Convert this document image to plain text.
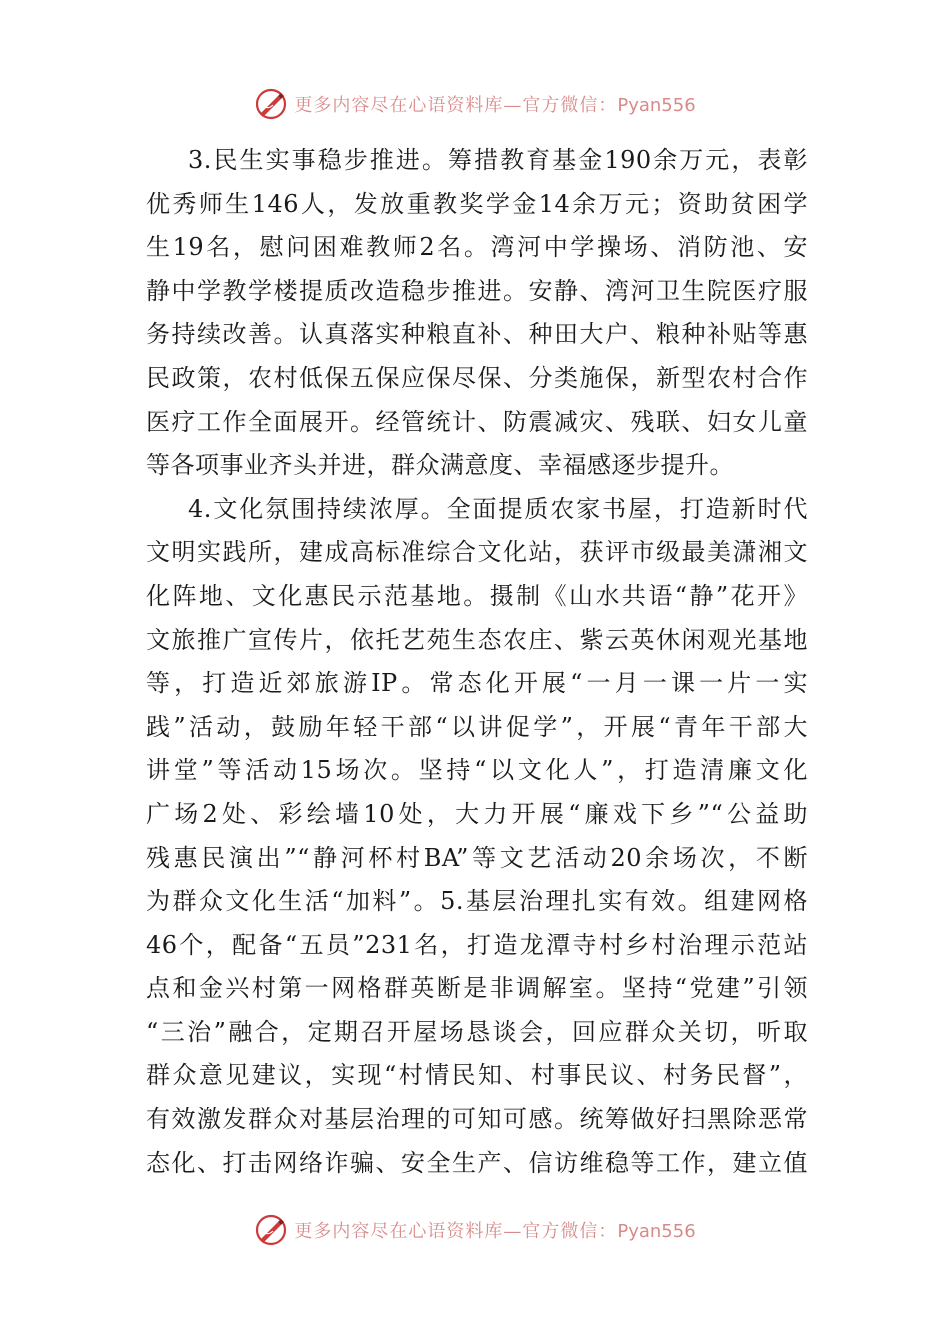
更多内容尽在心语资料库—官方微信：Pyan556
3.民生实事稳步推进。筹措教育基金190余万元，表彰
优秀师生146人，发放重教奖学金14余万元；资助贫困学
生19名，慰问困难教师2名。湾河中学操场、消防池、安
静中学教学楼提质改造稳步推进。安静、湾河卫生院医疗服
务持续改善。认真落实种粮直补、种田大户、粮种补贴等惠
民政策，农村低保五保应保尽保、分类施保，新型农村合作
医疗工作全面展开。经管统计、防震减灾、残联、妇女儿童
等各项事业齐头并进，群众满意度、幸福感逐步提升。
4.文化氛围持续浓厚。全面提质农家书屋，打造新时代
文明实践所，建成高标准综合文化站，获评市级最美潇湘文
化阵地、文化惠民示范基地。摄制《山水共语“静”花开》
文旅推广宣传片，依托艺苑生态农庄、紫云英休闲观光基地
等，打造近郊旅游IP。常态化开展“一月一课一片一实
践”活动，鼓励年轻干部“以讲促学”，开展“青年干部大
讲堂”等活动15场次。坚持“以文化人”，打造清廉文化
广场2处、彩绘墙10处，大力开展“廉戏下乡”“公益助
残惠民演出”“静河杯村BA”等文艺活动20余场次，不断
为群众文化生活“加料”。5.基层治理扎实有效。组建网格
46个，配备“五员”231名，打造龙潭寺村乡村治理示范站
点和金兴村第一网格群英断是非调解室。坚持“党建”引领
“三治”融合，定期召开屋场恳谈会，回应群众关切，听取
群众意见建议，实现“村情民知、村事民议、村务民督”，
有效激发群众对基层治理的可知可感。统筹做好扫黑除恶常
态化、打击网络诈骗、安全生产、信访维稳等工作，建立值
更多内容尽在心语资料库—官方微信：Pyan556
